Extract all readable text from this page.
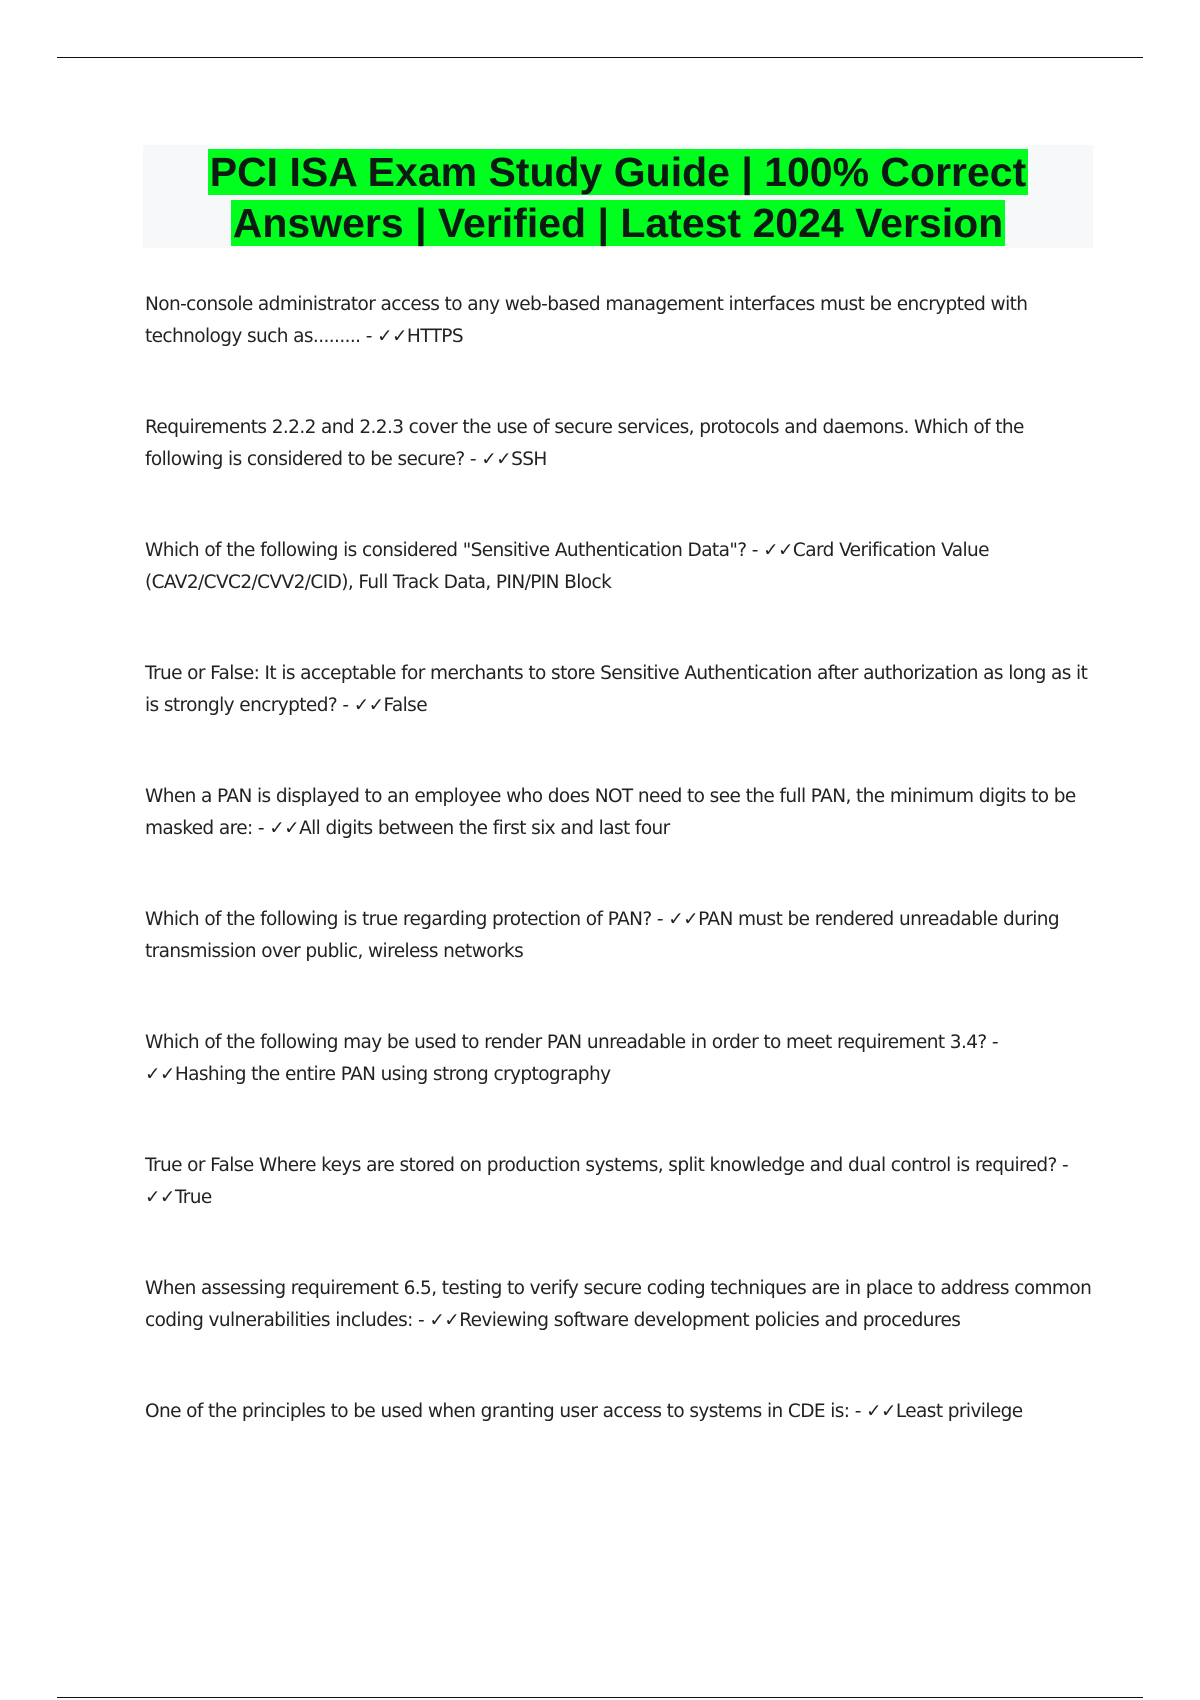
PCI ISA Exam Study Guide | 100% Correct
Answers | Verified | Latest 2024 Version

Non-console administrator access to any web-based management interfaces must be encrypted with technology such as......... - ✓✓HTTPS

Requirements 2.2.2 and 2.2.3 cover the use of secure services, protocols and daemons. Which of the following is considered to be secure? - ✓✓SSH

Which of the following is considered "Sensitive Authentication Data"? - ✓✓Card Verification Value (CAV2/CVC2/CVV2/CID), Full Track Data, PIN/PIN Block

True or False: It is acceptable for merchants to store Sensitive Authentication after authorization as long as it is strongly encrypted? - ✓✓False

When a PAN is displayed to an employee who does NOT need to see the full PAN, the minimum digits to be masked are: - ✓✓All digits between the first six and last four

Which of the following is true regarding protection of PAN? - ✓✓PAN must be rendered unreadable during transmission over public, wireless networks

Which of the following may be used to render PAN unreadable in order to meet requirement 3.4? - ✓✓Hashing the entire PAN using strong cryptography

True or False Where keys are stored on production systems, split knowledge and dual control is required? - ✓✓True

When assessing requirement 6.5, testing to verify secure coding techniques are in place to address common coding vulnerabilities includes: - ✓✓Reviewing software development policies and procedures

One of the principles to be used when granting user access to systems in CDE is: - ✓✓Least privilege
